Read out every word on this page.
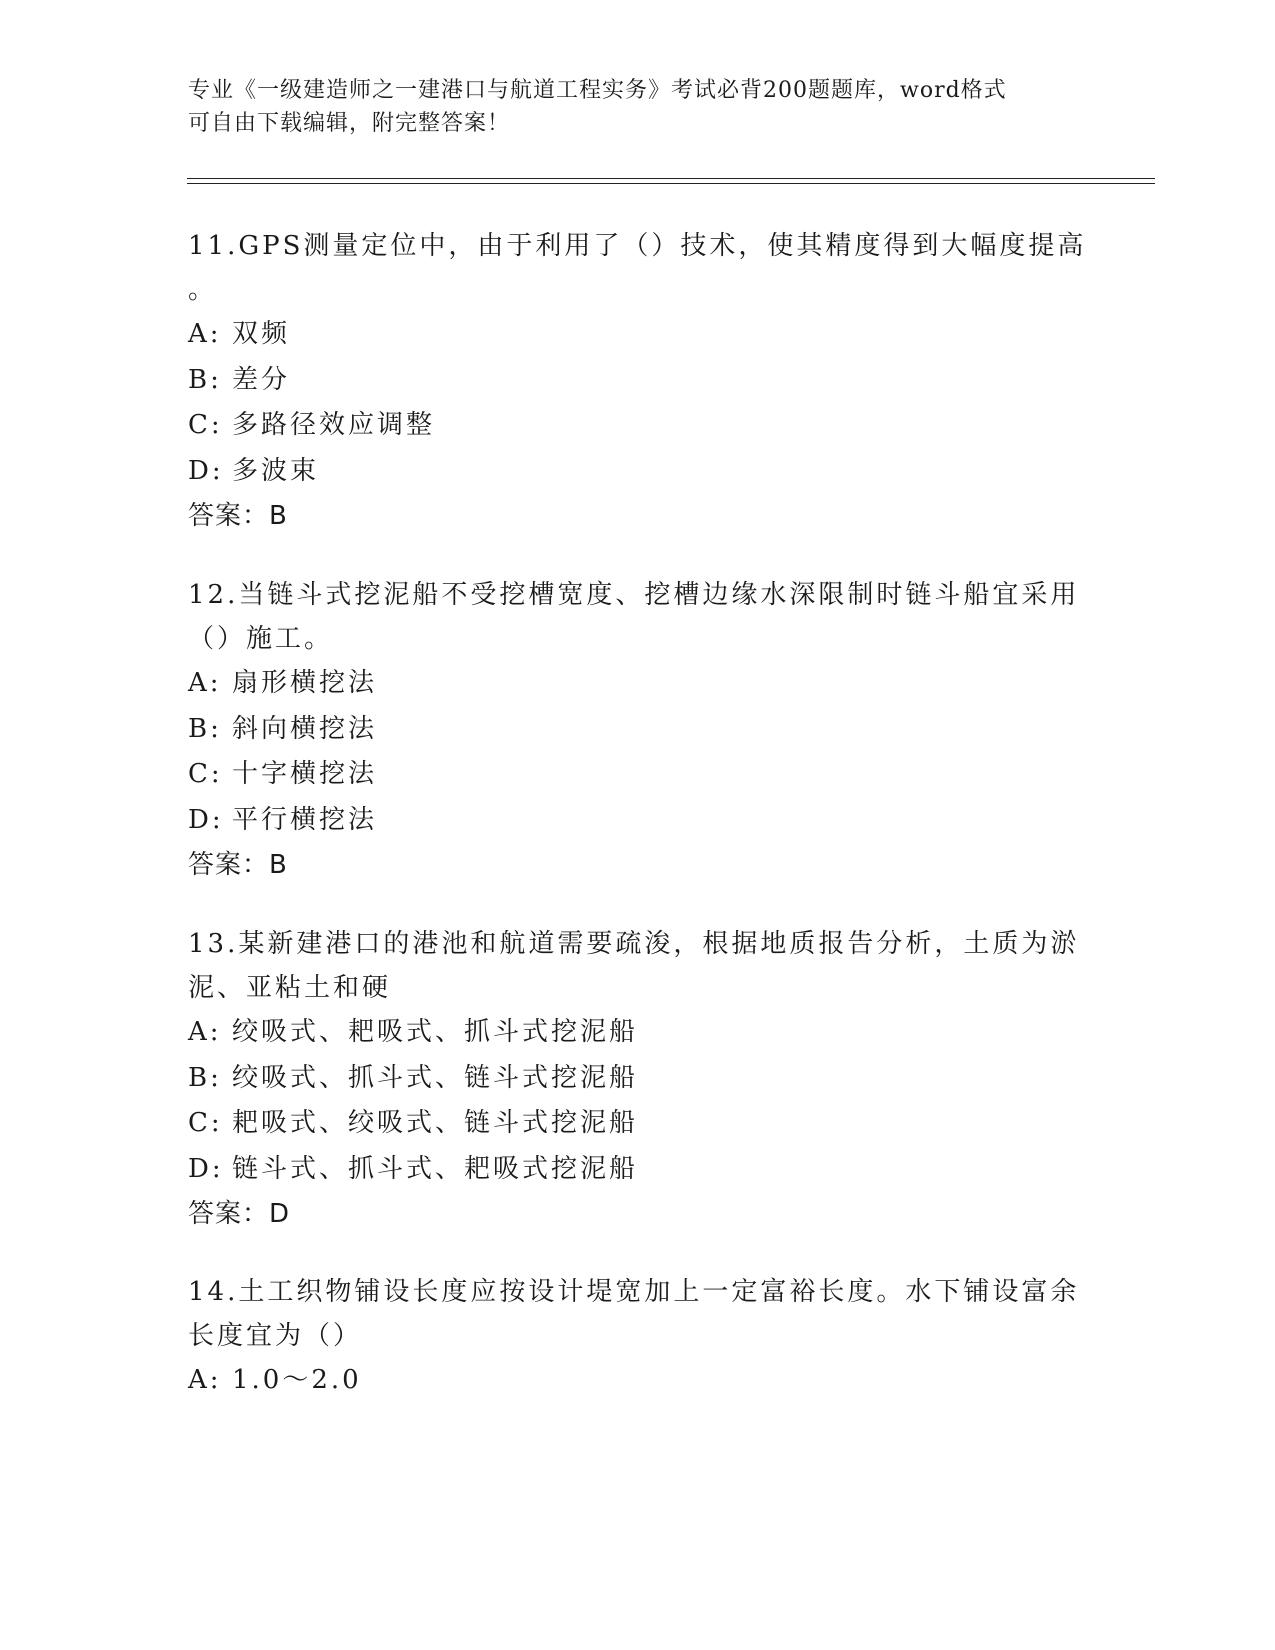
专业《一级建造师之一建港口与航道工程实务》考试必背200题题库，word格式
可自由下载编辑，附完整答案！

11.GPS测量定位中，由于利用了（）技术，使其精度得到大幅度提高

。

A: 双频

B: 差分

C: 多路径效应调整

D: 多波束

答案：B

12.当链斗式挖泥船不受挖槽宽度、挖槽边缘水深限制时链斗船宜采用

（）施工。

A: 扇形横挖法

B: 斜向横挖法

C: 十字横挖法

D: 平行横挖法

答案：B

13.某新建港口的港池和航道需要疏浚，根据地质报告分析，土质为淤

泥、亚粘土和硬

A: 绞吸式、耙吸式、抓斗式挖泥船

B: 绞吸式、抓斗式、链斗式挖泥船

C: 耙吸式、绞吸式、链斗式挖泥船

D: 链斗式、抓斗式、耙吸式挖泥船

答案：D

14.土工织物铺设长度应按设计堤宽加上一定富裕长度。水下铺设富余

长度宜为（）

A: 1.0～2.0
